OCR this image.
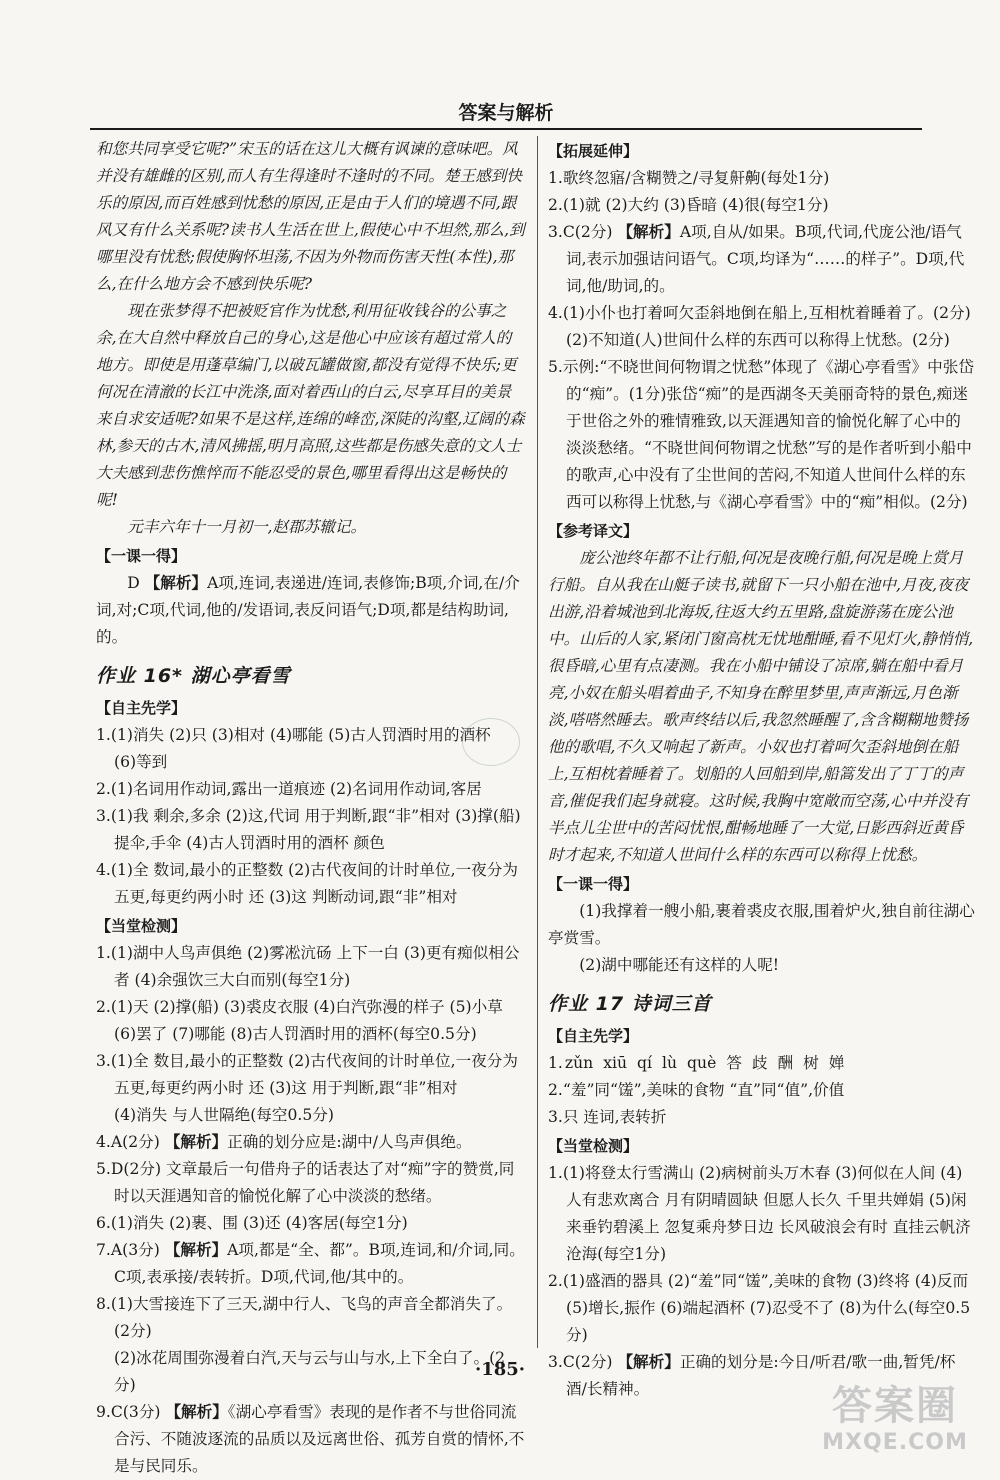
答案与解析

和您共同享受它呢?”宋玉的话在这儿大概有讽谏的意味吧。风并没有雄雌的区别,而人有生得逢时不逢时的不同。楚王感到快乐的原因,而百姓感到忧愁的原因,正是由于人们的境遇不同,跟风又有什么关系呢?读书人生活在世上,假使心中不坦然,那么,到哪里没有忧愁;假使胸怀坦荡,不因为外物而伤害天性(本性),那么,在什么地方会不感到快乐呢?

现在张梦得不把被贬官作为忧愁,利用征收钱谷的公事之余,在大自然中释放自己的身心,这是他心中应该有超过常人的地方。即使是用蓬草编门,以破瓦罐做窗,都没有觉得不快乐;更何况在清澈的长江中洗涤,面对着西山的白云,尽享耳目的美景来自求安适呢?如果不是这样,连绵的峰峦,深陡的沟壑,辽阔的森林,参天的古木,清风拂摇,明月高照,这些都是伤感失意的文人士大夫感到悲伤憔悴而不能忍受的景色,哪里看得出这是畅快的呢!

元丰六年十一月初一,赵郡苏辙记。

【一课一得】

D 【解析】A项,连词,表递进/连词,表修饰;B项,介词,在/介词,对;C项,代词,他的/发语词,表反问语气;D项,都是结构助词,的。

作业 16* 湖心亭看雪

【自主先学】

1.(1)消失 (2)只 (3)相对 (4)哪能 (5)古人罚酒时用的酒杯

(6)等到

2.(1)名词用作动词,露出一道痕迹 (2)名词用作动词,客居

3.(1)我 剩余,多余 (2)这,代词 用于判断,跟“非”相对 (3)撑(船) 提伞,手伞 (4)古人罚酒时用的酒杯 颜色

4.(1)全 数词,最小的正整数 (2)古代夜间的计时单位,一夜分为五更,每更约两小时 还 (3)这 判断动词,跟“非”相对

【当堂检测】

1.(1)湖中人鸟声俱绝 (2)雾凇沆砀 上下一白 (3)更有痴似相公者 (4)余强饮三大白而别(每空1分)

2.(1)天 (2)撑(船) (3)裘皮衣服 (4)白汽弥漫的样子 (5)小草 (6)罢了 (7)哪能 (8)古人罚酒时用的酒杯(每空0.5分)

3.(1)全 数目,最小的正整数 (2)古代夜间的计时单位,一夜分为五更,每更约两小时 还 (3)这 用于判断,跟“非”相对

(4)消失 与人世隔绝(每空0.5分)

4.A(2分) 【解析】正确的划分应是:湖中/人鸟声俱绝。

5.D(2分) 文章最后一句借舟子的话表达了对“痴”字的赞赏,同时以天涯遇知音的愉悦化解了心中淡淡的愁绪。

6.(1)消失 (2)裹、围 (3)还 (4)客居(每空1分)

7.A(3分) 【解析】A项,都是“全、都”。B项,连词,和/介词,同。C项,表承接/表转折。D项,代词,他/其中的。

8.(1)大雪接连下了三天,湖中行人、飞鸟的声音全都消失了。(2分)

(2)冰花周围弥漫着白汽,天与云与山与水,上下全白了。(2分)

9.C(3分) 【解析】《湖心亭看雪》表现的是作者不与世俗同流合污、不随波逐流的品质以及远离世俗、孤芳自赏的情怀,不是与民同乐。

【拓展延伸】

1.歌终忽寤/含糊赞之/寻复鼾齁(每处1分)

2.(1)就 (2)大约 (3)昏暗 (4)很(每空1分)

3.C(2分) 【解析】A项,自从/如果。B项,代词,代庞公池/语气词,表示加强诘问语气。C项,均译为“……的样子”。D项,代词,他/助词,的。

4.(1)小仆也打着呵欠歪斜地倒在船上,互相枕着睡着了。(2分)

(2)不知道(人)世间什么样的东西可以称得上忧愁。(2分)

5.示例:“不晓世间何物谓之忧愁”体现了《湖心亭看雪》中张岱的“痴”。(1分)张岱“痴”的是西湖冬天美丽奇特的景色,痴迷于世俗之外的雅情雅致,以天涯遇知音的愉悦化解了心中的淡淡愁绪。“不晓世间何物谓之忧愁”写的是作者听到小船中的歌声,心中没有了尘世间的苦闷,不知道人世间什么样的东西可以称得上忧愁,与《湖心亭看雪》中的“痴”相似。(2分)

【参考译文】

庞公池终年都不让行船,何况是夜晚行船,何况是晚上赏月行船。自从我在山艇子读书,就留下一只小船在池中,月夜,夜夜出游,沿着城池到北海坂,往返大约五里路,盘旋游荡在庞公池中。山后的人家,紧闭门窗高枕无忧地酣睡,看不见灯火,静悄悄,很昏暗,心里有点凄测。我在小船中铺设了凉席,躺在船中看月亮,小奴在船头唱着曲子,不知身在醉里梦里,声声渐远,月色渐淡,嗒嗒然睡去。歌声终结以后,我忽然睡醒了,含含糊糊地赞扬他的歌唱,不久又响起了新声。小奴也打着呵欠歪斜地倒在船上,互相枕着睡着了。划船的人回船到岸,船篙发出了丁丁的声音,催促我们起身就寝。这时候,我胸中宽敞而空荡,心中并没有半点儿尘世中的苦闷忧恨,酣畅地睡了一大觉,日影西斜近黄昏时才起来,不知道人世间什么样的东西可以称得上忧愁。

【一课一得】

(1)我撑着一艘小船,裹着裘皮衣服,围着炉火,独自前往湖心亭赏雪。

(2)湖中哪能还有这样的人呢!

作业 17 诗词三首

【自主先学】

1. zǔn xiū qí lù què 答 歧 酬 树 婵

2.“羞”同“馐”,美味的食物 “直”同“值”,价值

3.只 连词,表转折

【当堂检测】

1.(1)将登太行雪满山 (2)病树前头万木春 (3)何似在人间 (4)人有悲欢离合 月有阴晴圆缺 但愿人长久 千里共婵娟 (5)闲来垂钓碧溪上 忽复乘舟梦日边 长风破浪会有时 直挂云帆济沧海(每空1分)

2.(1)盛酒的器具 (2)“羞”同“馐”,美味的食物 (3)终将 (4)反而 (5)增长,振作 (6)端起酒杯 (7)忍受不了 (8)为什么(每空0.5分)

3.C(2分) 【解析】正确的划分是:今日/听君/歌一曲,暂凭/杯酒/长精神。

·185·
答案圈
MXQE.COM
